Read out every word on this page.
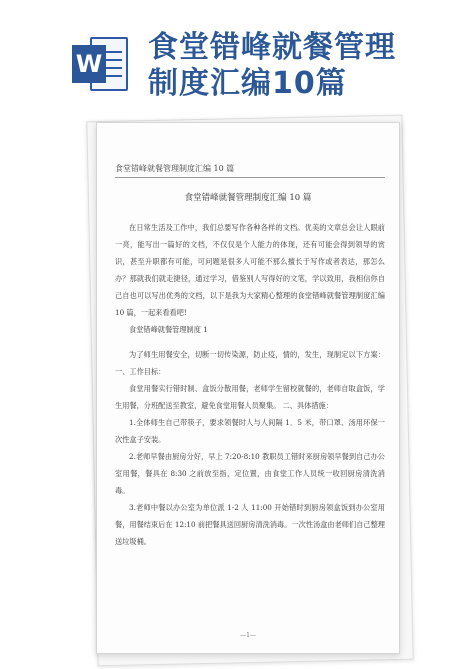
W 食堂错峰就餐管理
制度汇编10篇
食堂错峰就餐管理制度汇编 10 篇
食堂错峰就餐管理制度汇编 10 篇

在日常生活及工作中，我们总要写作各种各样的文档。优美的文章总会让人眼前一亮，能写出一篇好的文档，不仅仅是个人能力的体现，还有可能会得到领导的赏识，甚至升职都有可能，可问题是很多人可能不那么擅长于写作或者表达，那怎么办？那就我们就走捷径，通过学习，借鉴别人写得好的文笔，学以致用，我相信你自己自也可以写出优秀的文档，以下是我为大家精心整理的食堂错峰就餐管理制度汇编 10 篇，一起来看看吧!

食堂错峰就餐管理制度 1

为了师生用餐安全，切断一切传染源，防止疫，情的，发生，现制定以下方案： 一、工作目标：

食堂用餐实行错时制、盒饭分散用餐，老师学生留校就餐的，老师自取盒饭，学生用餐，分班配送至教室，避免食堂用餐人员聚集。 二、具体措施：

1.全体师生自己带筷子，要求领餐时人与人间隔 1．5 米，带口罩、汤用环保一次性盒子安装。

2.老师早餐由厨房分好，早上 7:20-8:10 教职员工错时来厨房领早餐到自己办公室用餐，餐具在 8:30 之前放至指，定位置，由食堂工作人员统一收回厨房清洗消毒。

3.老师中餐以办公室为单位派 1-2 人 11:00 开始错时到厨房领盒饭到办公室用餐，用餐结束后在 12:10 前把餐具送回厨房清洗消毒。一次性汤盒由老师们自己整理送垃圾桶。

—1—
